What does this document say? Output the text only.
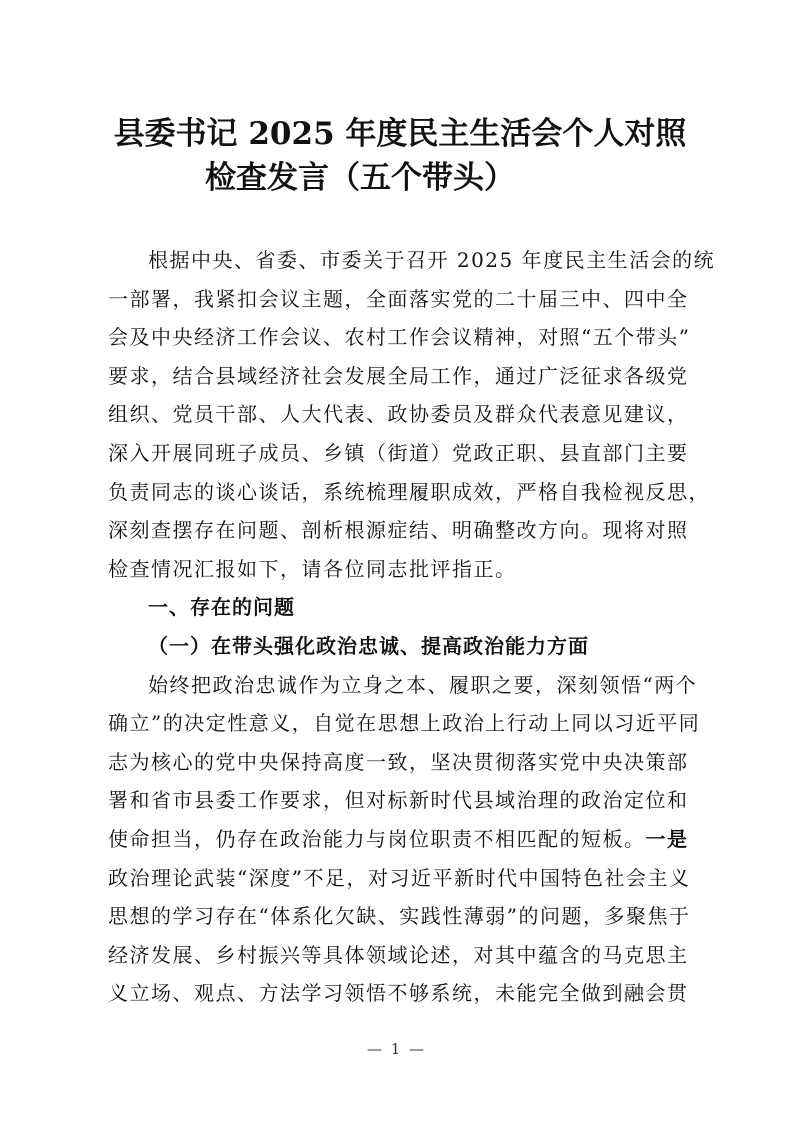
县委书记 2025 年度民主生活会个人对照
检查发言（五个带头）
根据中央、省委、市委关于召开 2025 年度民主生活会的统
一部署，我紧扣会议主题，全面落实党的二十届三中、四中全
会及中央经济工作会议、农村工作会议精神，对照“五个带头”
要求，结合县域经济社会发展全局工作，通过广泛征求各级党
组织、党员干部、人大代表、政协委员及群众代表意见建议，
深入开展同班子成员、乡镇（街道）党政正职、县直部门主要
负责同志的谈心谈话，系统梳理履职成效，严格自我检视反思，
深刻查摆存在问题、剖析根源症结、明确整改方向。现将对照
检查情况汇报如下，请各位同志批评指正。
一、存在的问题
（一）在带头强化政治忠诚、提高政治能力方面
始终把政治忠诚作为立身之本、履职之要，深刻领悟“两个
确立”的决定性意义，自觉在思想上政治上行动上同以习近平同
志为核心的党中央保持高度一致，坚决贯彻落实党中央决策部
署和省市县委工作要求，但对标新时代县域治理的政治定位和
使命担当，仍存在政治能力与岗位职责不相匹配的短板。一是
政治理论武装“深度”不足，对习近平新时代中国特色社会主义
思想的学习存在“体系化欠缺、实践性薄弱”的问题，多聚焦于
经济发展、乡村振兴等具体领域论述，对其中蕴含的马克思主
义立场、观点、方法学习领悟不够系统，未能完全做到融会贯
— 1 —
